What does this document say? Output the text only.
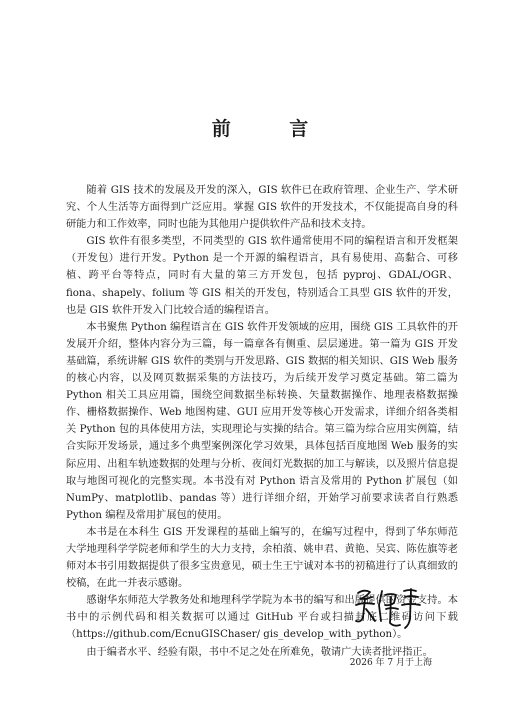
前 言

随着 GIS 技术的发展及开发的深入，GIS 软件已在政府管理、企业生产、学术研究、个人生活等方面得到广泛应用。掌握 GIS 软件的开发技术，不仅能提高自身的科研能力和工作效率，同时也能为其他用户提供软件产品和技术支持。

GIS 软件有很多类型，不同类型的 GIS 软件通常使用不同的编程语言和开发框架（开发包）进行开发。Python 是一个开源的编程语言，具有易使用、高黏合、可移植、跨平台等特点，同时有大量的第三方开发包，包括 pyproj、GDAL/OGR、fiona、shapely、folium 等 GIS 相关的开发包，特别适合工具型 GIS 软件的开发，也是 GIS 软件开发入门比较合适的编程语言。

本书聚焦 Python 编程语言在 GIS 软件开发领域的应用，围绕 GIS 工具软件的开发展开介绍，整体内容分为三篇，每一篇章各有侧重、层层递进。第一篇为 GIS 开发基础篇，系统讲解 GIS 软件的类别与开发思路、GIS 数据的相关知识、GIS Web 服务的核心内容，以及网页数据采集的方法技巧，为后续开发学习奠定基础。第二篇为 Python 相关工具应用篇，围绕空间数据坐标转换、矢量数据操作、地理表格数据操作、栅格数据操作、Web 地图构建、GUI 应用开发等核心开发需求，详细介绍各类相关 Python 包的具体使用方法，实现理论与实操的结合。第三篇为综合应用实例篇，结合实际开发场景，通过多个典型案例深化学习效果，具体包括百度地图 Web 服务的实际应用、出租车轨迹数据的处理与分析、夜间灯光数据的加工与解读，以及照片信息提取与地图可视化的完整实现。本书没有对 Python 语言及常用的 Python 扩展包（如 NumPy、matplotlib、pandas 等）进行详细介绍，开始学习前要求读者自行熟悉 Python 编程及常用扩展包的使用。

本书是在本科生 GIS 开发课程的基础上编写的，在编写过程中，得到了华东师范大学地理科学学院老师和学生的大力支持，余柏蒗、姚申君、黄艳、吴宾、陈佐旗等老师对本书引用数据提供了很多宝贵意见，硕士生王宁诚对本书的初稿进行了认真细致的校稿，在此一并表示感谢。

感谢华东师范大学教务处和地理科学学院为本书的编写和出版提供的资金支持。本书中的示例代码和相关数据可以通过 GitHub 平台或扫描封底二维码访问下载（https://github.com/EcnuGISChaser/ gis_develop_with_python）。

由于编者水平、经验有限，书中不足之处在所难免，敬请广大读者批评指正。

2026 年 7 月于上海
